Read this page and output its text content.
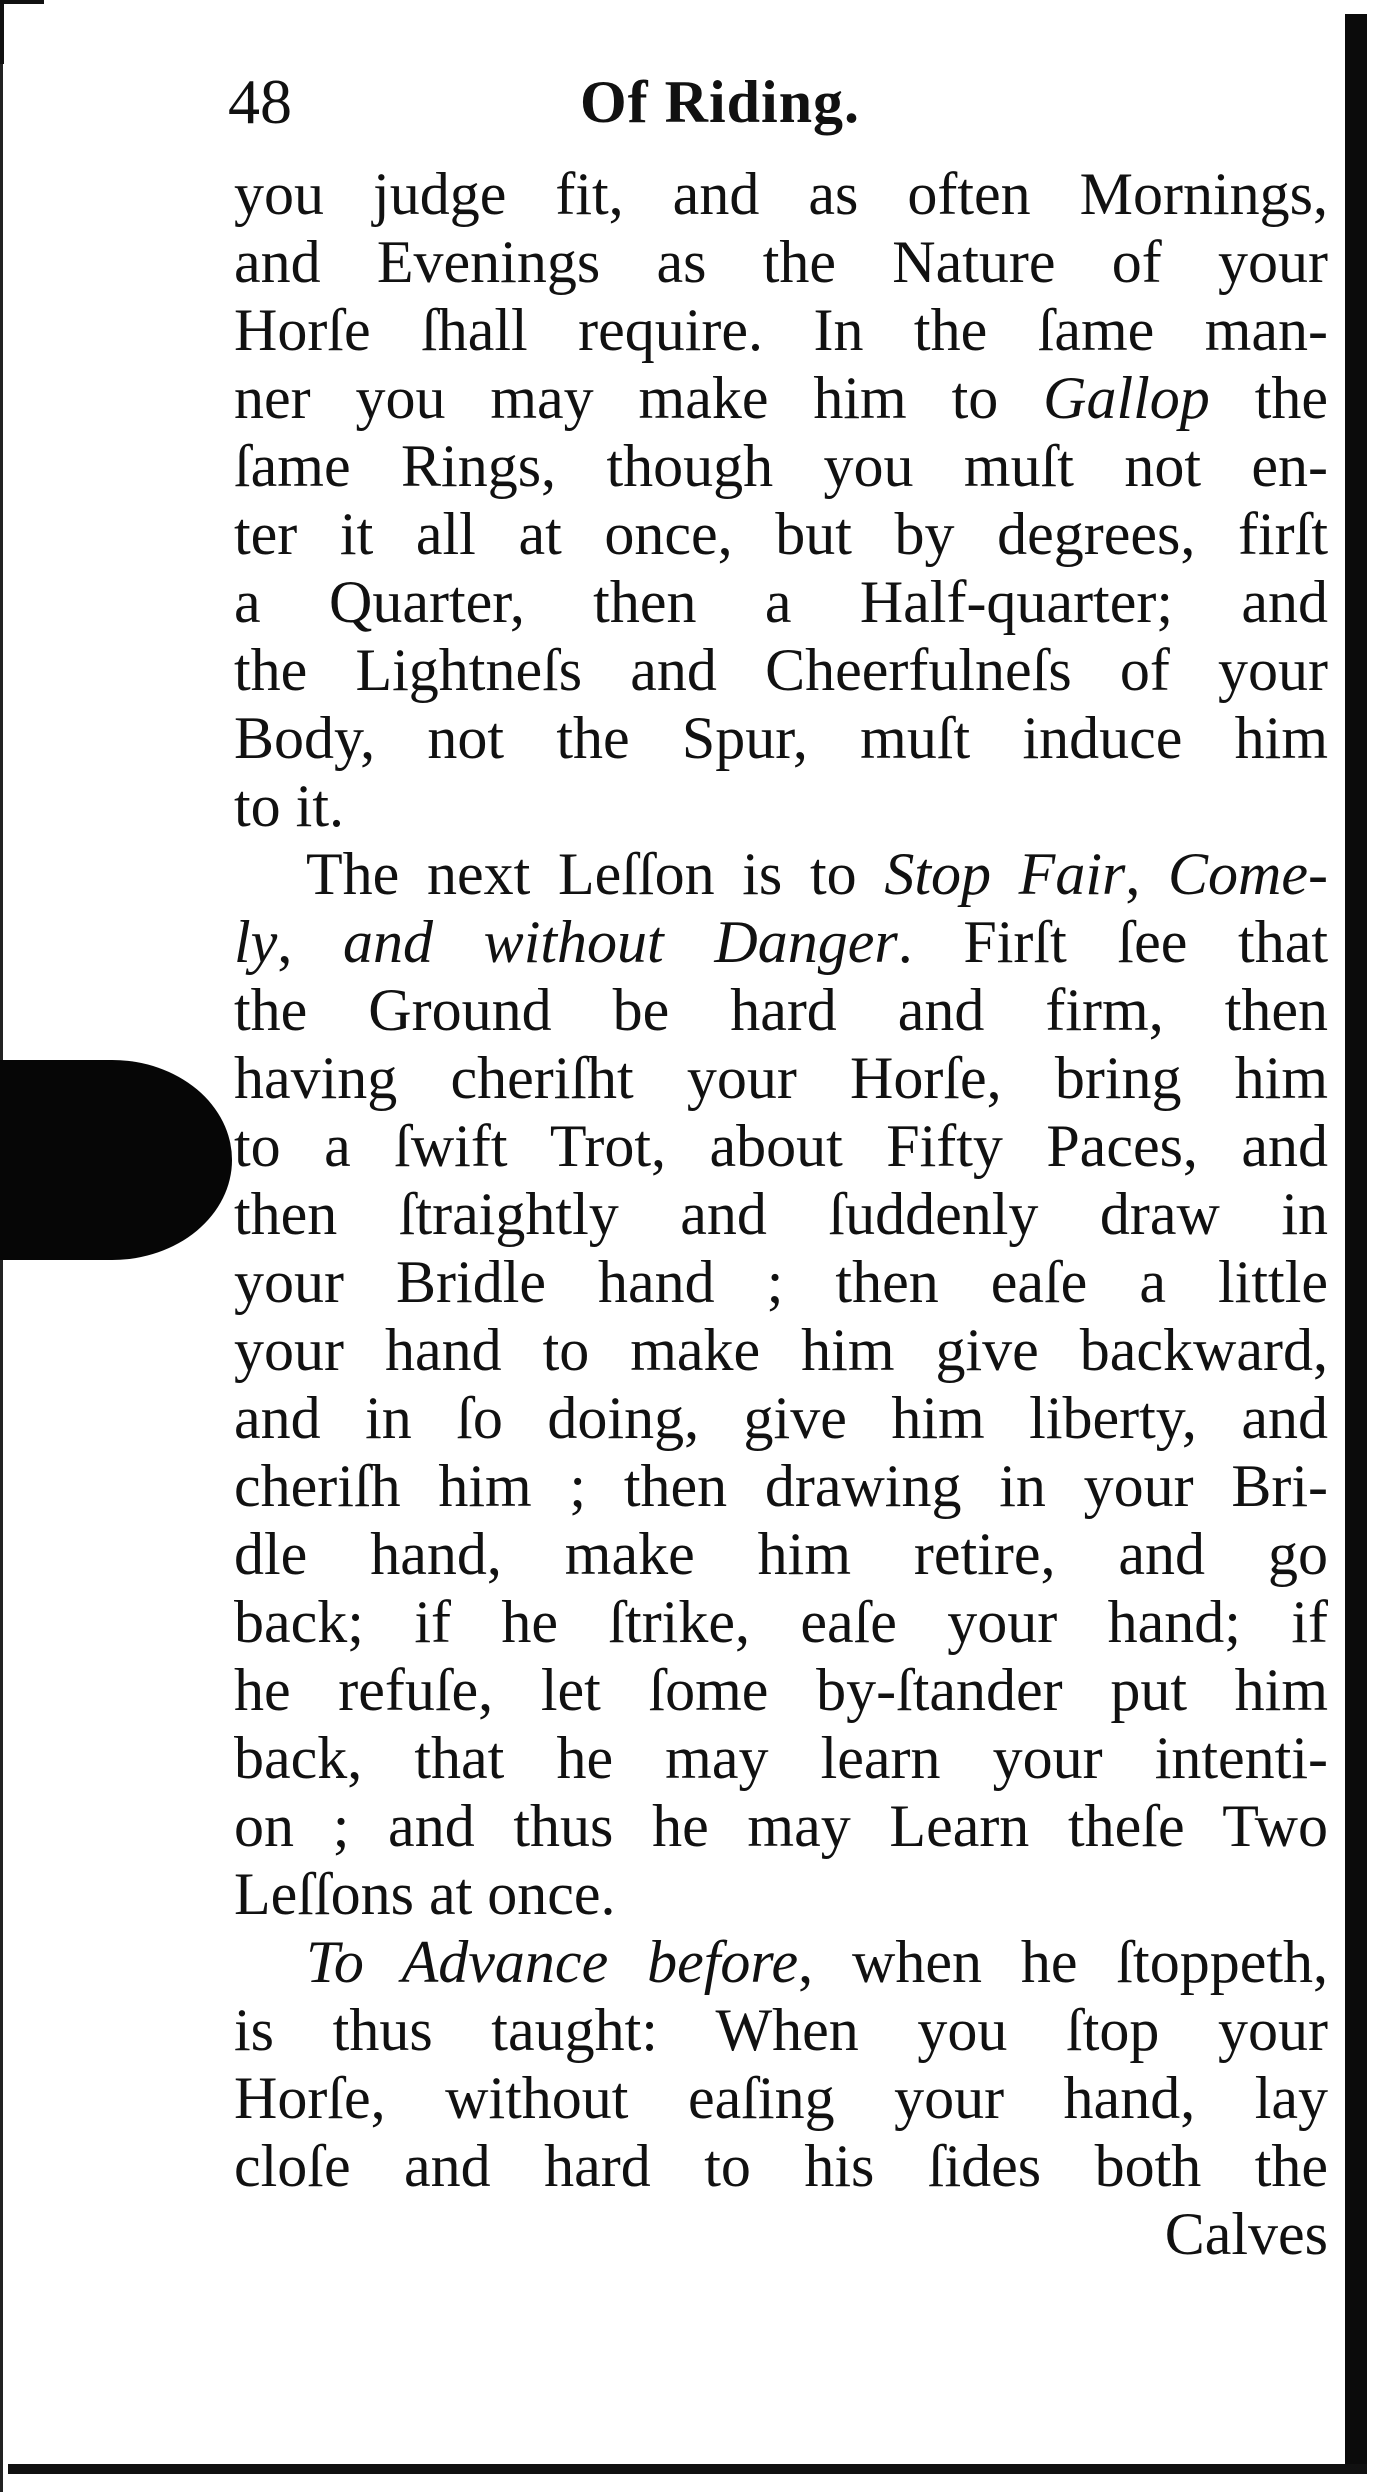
48	Of Riding.
you judge fit, and as often Mornings,
and Evenings as the Nature of your
Horſe ſhall require. In the ſame man-
ner you may make him to Gallop the
ſame Rings, though you muſt not en-
ter it all at once, but by degrees, firſt
a Quarter, then a Half-quarter; and
the Lightneſs and Cheerfulneſs of your
Body, not the Spur, muſt induce him
to it.
The next Leſſon is to Stop Fair, Come-
ly, and without Danger. Firſt ſee that
the Ground be hard and firm, then
having cheriſht your Horſe, bring him
to a ſwift Trot, about Fifty Paces, and
then ſtraightly and ſuddenly draw in
your Bridle hand ; then eaſe a little
your hand to make him give backward,
and in ſo doing, give him liberty, and
cheriſh him ; then drawing in your Bri-
dle hand, make him retire, and go
back; if he ſtrike, eaſe your hand; if
he refuſe, let ſome by-ſtander put him
back, that he may learn your intenti-
on ; and thus he may Learn theſe Two
Leſſons at once.
To Advance before, when he ſtoppeth,
is thus taught: When you ſtop your
Horſe, without eaſing your hand, lay
cloſe and hard to his ſides both the
Calves
